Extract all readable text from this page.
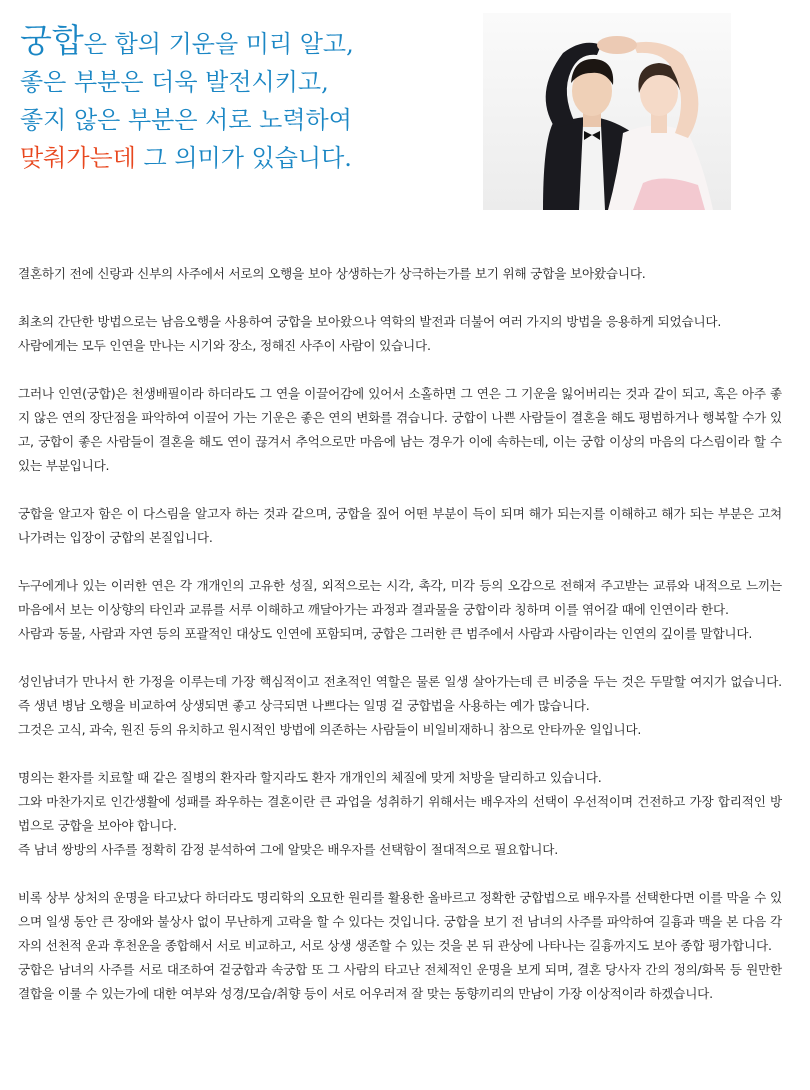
궁합은 합의 기운을 미리 알고,
좋은 부분은 더욱 발전시키고,
좋지 않은 부분은 서로 노력하여
맞춰가는데 그 의미가 있습니다.

결혼하기 전에 신랑과 신부의 사주에서 서로의 오행을 보아 상생하는가 상극하는가를 보기 위해 궁합을 보아왔습니다.

최초의 간단한 방법으로는 남음오행을 사용하여 궁합을 보아왔으나 역학의 발전과 더불어 여러 가지의 방법을 응용하게 되었습니다.
사람에게는 모두 인연을 만나는 시기와 장소, 정해진 사주이 사람이 있습니다.

그러나 인연(궁합)은 천생배필이라 하더라도 그 연을 이끌어감에 있어서 소홀하면 그 연은 그 기운을 잃어버리는 것과 같이 되고, 혹은 아주 좋지 않은 연의 장단점을 파악하여 이끌어 가는 기운은 좋은 연의 변화를 겪습니다. 궁합이 나쁜 사람들이 결혼을 해도 평범하거나 행복할 수가 있고, 궁합이 좋은 사람들이 결혼을 해도 연이 끊겨서 추억으로만 마음에 남는 경우가 이에 속하는데, 이는 궁합 이상의 마음의 다스림이라 할 수 있는 부분입니다.

궁합을 알고자 함은 이 다스림을 알고자 하는 것과 같으며, 궁합을 짚어 어떤 부분이 득이 되며 해가 되는지를 이해하고 해가 되는 부분은 고쳐 나가려는 입장이 궁합의 본질입니다.

누구에게나 있는 이러한 연은 각 개개인의 고유한 성질, 외적으로는 시각, 촉각, 미각 등의 오감으로 전해져 주고받는 교류와 내적으로 느끼는 마음에서 보는 이상향의 타인과 교류를 서루 이해하고 깨달아가는 과정과 결과물을 궁합이라 칭하며 이를 엮어갈 때에 인연이라 한다.
사람과 동물, 사람과 자연 등의 포괄적인 대상도 인연에 포함되며, 궁합은 그러한 큰 범주에서 사람과 사람이라는 인연의 깊이를 말합니다.

성인남녀가 만나서 한 가정을 이루는데 가장 핵심적이고 전초적인 역할은 물론 일생 살아가는데 큰 비중을 두는 것은 두말할 여지가 없습니다. 즉 생년 병남 오행을 비교하여 상생되면 좋고 상극되면 나쁘다는 일명 겉 궁합법을 사용하는 예가 많습니다.
그것은 고식, 과숙, 원진 등의 유치하고 원시적인 방법에 의존하는 사람들이 비일비재하니 참으로 안타까운 일입니다.

명의는 환자를 치료할 때 같은 질병의 환자라 할지라도 환자 개개인의 체질에 맞게 처방을 달리하고 있습니다.
그와 마찬가지로 인간생활에 성패를 좌우하는 결혼이란 큰 과업을 성취하기 위해서는 배우자의 선택이 우선적이며 건전하고 가장 합리적인 방법으로 궁합을 보아야 합니다.
즉 남녀 쌍방의 사주를 정확히 감정 분석하여 그에 알맞은 배우자를 선택함이 절대적으로 필요합니다.

비록 상부 상처의 운명을 타고났다 하더라도 명리학의 오묘한 원리를 활용한 올바르고 정확한 궁합법으로 배우자를 선택한다면 이를 막을 수 있으며 일생 동안 큰 장애와 불상사 없이 무난하게 고락을 할 수 있다는 것입니다. 궁합을 보기 전 남녀의 사주를 파악하여 길흉과 맥을 본 다음 각자의 선천적 운과 후천운을 종합해서 서로 비교하고, 서로 상생 생존할 수 있는 것을 본 뒤 관상에 나타나는 길흉까지도 보아 종합 평가합니다.
궁합은 남녀의 사주를 서로 대조하여 겉궁합과 속궁합 또 그 사람의 타고난 전체적인 운명을 보게 되며, 결혼 당사자 간의 정의/화목 등 원만한 결합을 이룰 수 있는가에 대한 여부와 성경/모습/취향 등이 서로 어우러져 잘 맞는 동향끼리의 만남이 가장 이상적이라 하겠습니다.
